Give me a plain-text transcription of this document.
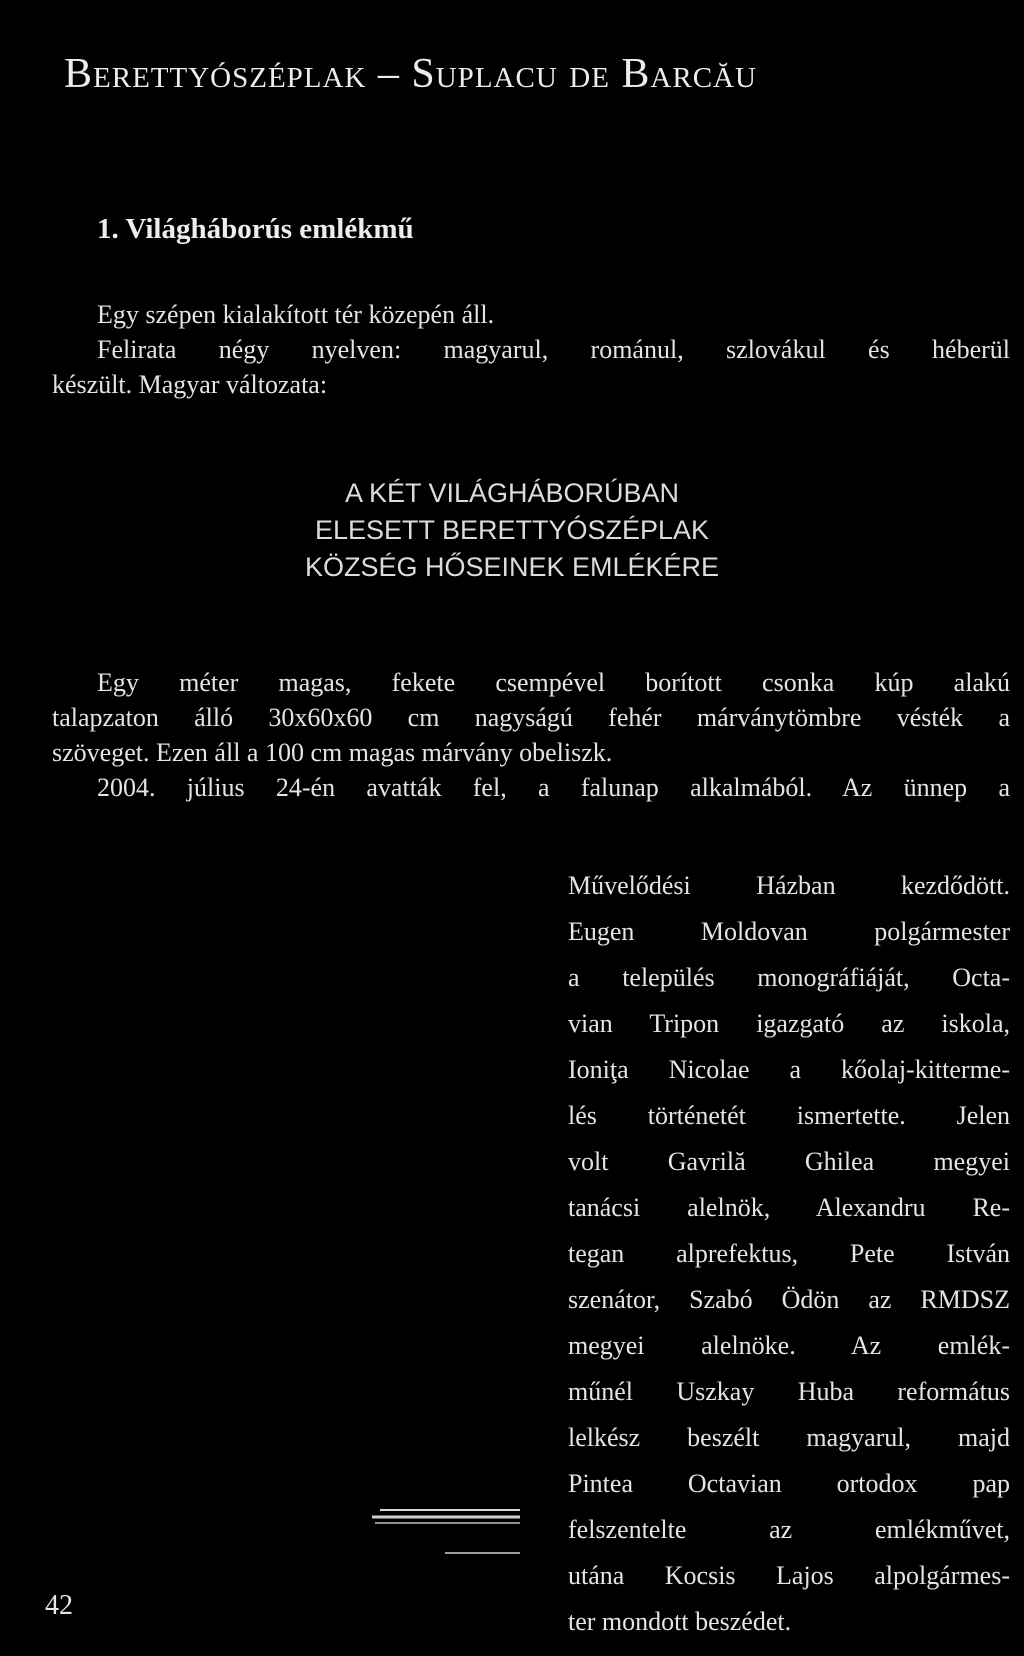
Berettyószéplak – Suplacu de Barcău
1. Világháborús emlékmű
Egy szépen kialakított tér közepén áll.
Felirata négy nyelven: magyarul, románul, szlovákul és héberül
készült. Magyar változata:
A KÉT VILÁGHÁBORÚBAN
ELESETT BERETTYÓSZÉPLAK
KÖZSÉG HŐSEINEK EMLÉKÉRE
Egy méter magas, fekete csempével borított csonka kúp alakú
talapzaton álló 30x60x60 cm nagyságú fehér márványtömbre vésték a
szöveget. Ezen áll a 100 cm magas márvány obeliszk.
2004. július 24-én avatták fel, a falunap alkalmából. Az ünnep a
Művelődési Házban kezdődött.
Eugen Moldovan polgármester
a település monográfiáját, Octa-
vian Tripon igazgató az iskola,
Ioniţa Nicolae a kőolaj-kitterme-
lés történetét ismertette. Jelen
volt Gavrilă Ghilea megyei
tanácsi alelnök, Alexandru Re-
tegan alprefektus, Pete István
szenátor, Szabó Ödön az RMDSZ
megyei alelnöke. Az emlék-
műnél Uszkay Huba református
lelkész beszélt magyarul, majd
Pintea Octavian ortodox pap
felszentelte az emlékművet,
utána Kocsis Lajos alpolgármes-
ter mondott beszédet.
42
